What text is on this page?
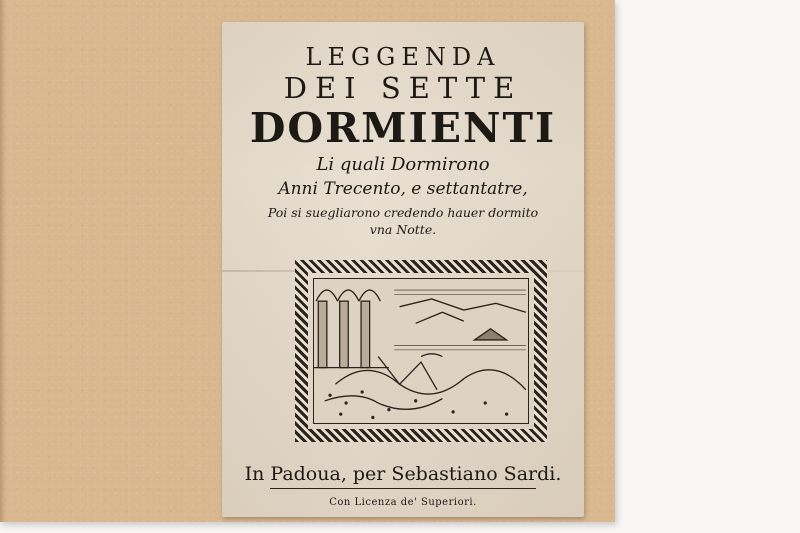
LEGGENDA
DEI SETTE
DORMIENTI
Li quali Dormirono
Anni Trecento, e settantatre,
Poi si suegliarono credendo hauer dormito
vna Notte.
In Padoua, per Sebastiano Sardi.
Con Licenza de' Superiori.
